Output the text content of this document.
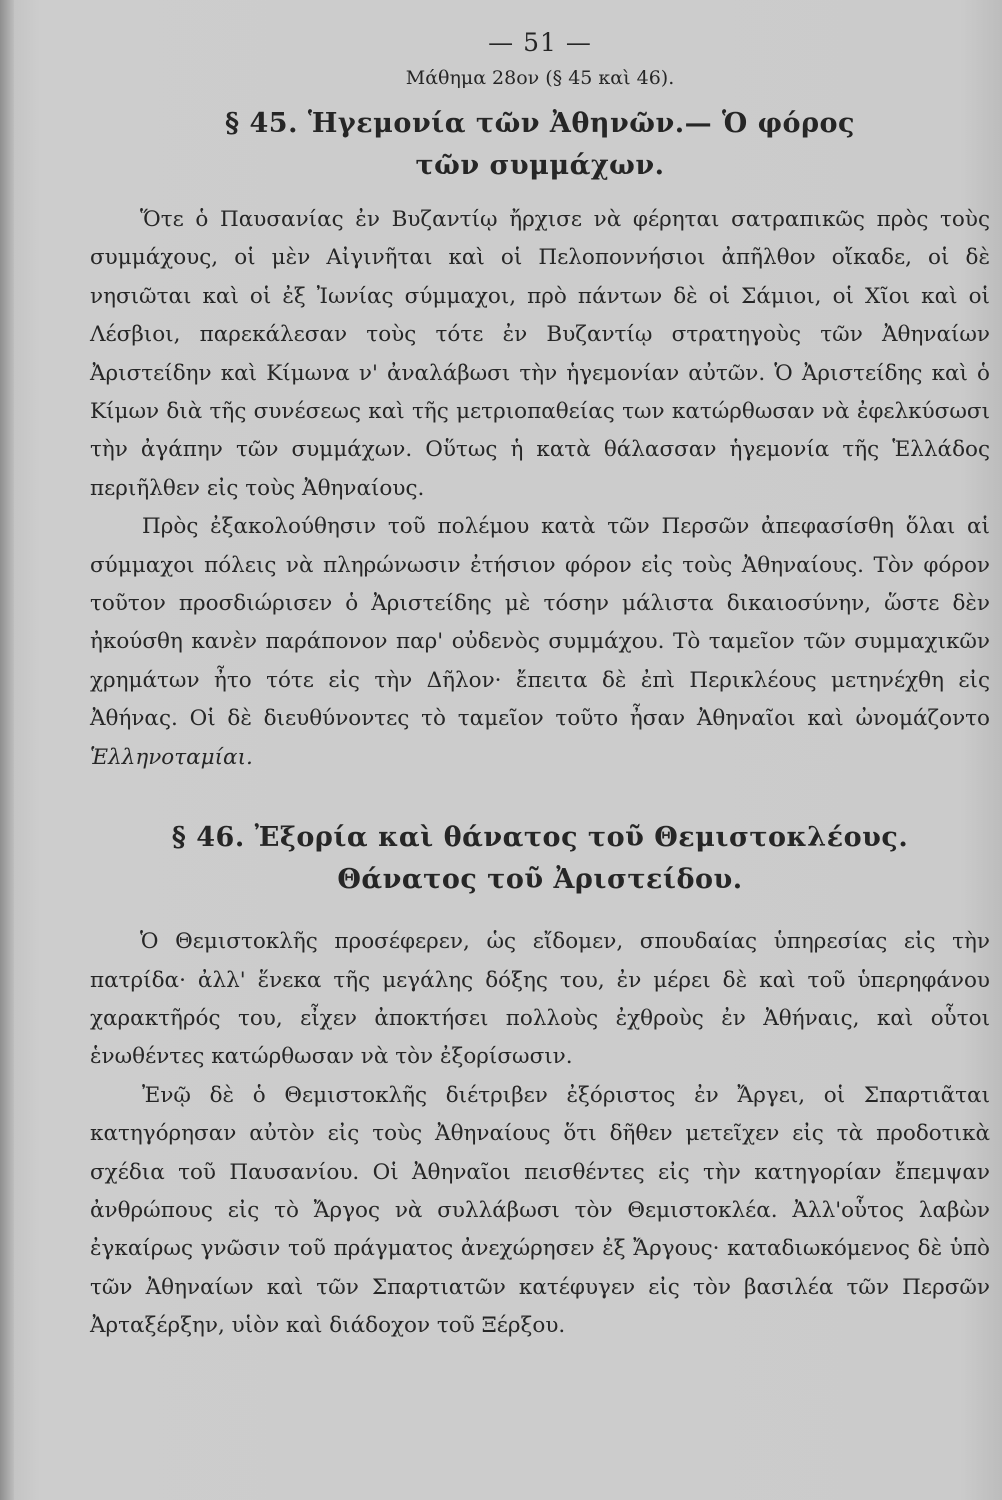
— 51 —
Μάθημα 28ον (§ 45 καὶ 46).
§ 45. Ἡγεμονία τῶν Ἀθηνῶν.— Ὁ φόρος
τῶν συμμάχων.

Ὅτε ὁ Παυσανίας ἐν Βυζαντίῳ ἤρχισε νὰ φέρηται σατραπικῶς πρὸς τοὺς συμμάχους, οἱ μὲν Αἰγινῆται καὶ οἱ Πελοποννήσιοι ἀπῆλθον οἴκαδε, οἱ δὲ νησιῶται καὶ οἱ ἐξ Ἰωνίας σύμμαχοι, πρὸ πάντων δὲ οἱ Σάμιοι, οἱ Χῖοι καὶ οἱ Λέσβιοι, παρεκάλεσαν τοὺς τότε ἐν Βυζαντίῳ στρατηγοὺς τῶν Ἀθηναίων Ἀριστείδην καὶ Κίμωνα ν' ἀναλάβωσι τὴν ἡγεμονίαν αὐτῶν. Ὁ Ἀριστείδης καὶ ὁ Κίμων διὰ τῆς συνέσεως καὶ τῆς μετριοπαθείας των κατώρθωσαν νὰ ἐφελκύσωσι τὴν ἀγάπην τῶν συμμάχων. Οὕτως ἡ κατὰ θάλασσαν ἡγεμονία τῆς Ἑλλάδος περιῆλθεν εἰς τοὺς Ἀθηναίους.

Πρὸς ἐξακολούθησιν τοῦ πολέμου κατὰ τῶν Περσῶν ἀπεφασίσθη ὅλαι αἱ σύμμαχοι πόλεις νὰ πληρώνωσιν ἐτήσιον φόρον εἰς τοὺς Ἀθηναίους. Τὸν φόρον τοῦτον προσδιώρισεν ὁ Ἀριστείδης μὲ τόσην μάλιστα δικαιοσύνην, ὥστε δὲν ἠκούσθη κανὲν παράπονον παρ' οὐδενὸς συμμάχου. Τὸ ταμεῖον τῶν συμμαχικῶν χρημάτων ἦτο τότε εἰς τὴν Δῆλον· ἔπειτα δὲ ἐπὶ Περικλέους μετηνέχθη εἰς Ἀθήνας. Οἱ δὲ διευθύνοντες τὸ ταμεῖον τοῦτο ἦσαν Ἀθηναῖοι καὶ ὠνομάζοντο Ἑλληνοταμίαι.

§ 46. Ἐξορία καὶ θάνατος τοῦ Θεμιστοκλέους.
Θάνατος τοῦ Ἀριστείδου.

Ὁ Θεμιστοκλῆς προσέφερεν, ὡς εἴδομεν, σπουδαίας ὑπηρεσίας εἰς τὴν πατρίδα· ἀλλ' ἕνεκα τῆς μεγάλης δόξης του, ἐν μέρει δὲ καὶ τοῦ ὑπερηφάνου χαρακτῆρός του, εἶχεν ἀποκτήσει πολλοὺς ἐχθροὺς ἐν Ἀθήναις, καὶ οὗτοι ἑνωθέντες κατώρθωσαν νὰ τὸν ἐξορίσωσιν.

Ἐνῷ δὲ ὁ Θεμιστοκλῆς διέτριβεν ἐξόριστος ἐν Ἄργει, οἱ Σπαρτιᾶται κατηγόρησαν αὐτὸν εἰς τοὺς Ἀθηναίους ὅτι δῆθεν μετεῖχεν εἰς τὰ προδοτικὰ σχέδια τοῦ Παυσανίου. Οἱ Ἀθηναῖοι πεισθέντες εἰς τὴν κατηγορίαν ἔπεμψαν ἀνθρώπους εἰς τὸ Ἄργος νὰ συλλάβωσι τὸν Θεμιστοκλέα. Ἀλλ'οὗτος λαβὼν ἐγκαίρως γνῶσιν τοῦ πράγματος ἀνεχώρησεν ἐξ Ἄργους· καταδιωκόμενος δὲ ὑπὸ τῶν Ἀθηναίων καὶ τῶν Σπαρτιατῶν κατέφυγεν εἰς τὸν βασιλέα τῶν Περσῶν Ἀρταξέρξην, υἱὸν καὶ διάδοχον τοῦ Ξέρξου.
